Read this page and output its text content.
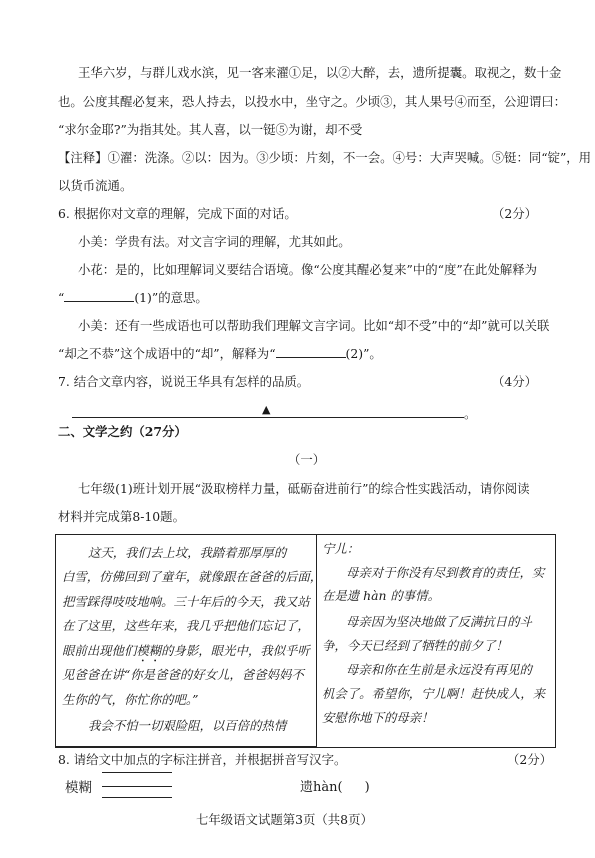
王华六岁，与群儿戏水滨，见一客来濯①足，以②大醉，去，遗所提囊。取视之，数十金
也。公度其醒必复来，恐人持去，以投水中，坐守之。少顷③，其人果号④而至，公迎谓曰：
“求尔金耶?”为指其处。其人喜，以一铤⑤为谢，却不受
【注释】①濯：洗涤。②以：因为。③少顷：片刻，不一会。④号：大声哭喊。⑤铤：同“锭”，用
以货币流通。
6. 根据你对文章的理解，完成下面的对话。	（2分）
小美：学贵有法。对文言字词的理解，尤其如此。
小花：是的，比如理解词义要结合语境。像“公度其醒必复来”中的“度”在此处解释为
“	(1)”的意思。
小美：还有一些成语也可以帮助我们理解文言字词。比如“却不受”中的“却”就可以关联
“却之不恭”这个成语中的“却”，解释为“	(2)”。
7. 结合文章内容，说说王华具有怎样的品质。	（4分）
▲	。
二、文学之约（27分）
（一）
七年级(1)班计划开展“汲取榜样力量，砥砺奋进前行”的综合性实践活动，请你阅读
材料并完成第8-10题。
这天，我们去上坟，我踏着那厚厚的
白雪，仿佛回到了童年，就像跟在爸爸的后面，
把雪踩得吱吱地响。三十年后的今天，我又站
在了这里，这些年来，我几乎把他们忘记了，
眼前出现他们模糊的身影，眼光中，我似乎听
见爸爸在讲“你是爸爸的好女儿，爸爸妈妈不
生你的气，你忙你的吧。”
我会不怕一切艰险阻，以百倍的热情
宁儿：
母亲对于你没有尽到教育的责任，实
在是遗 hàn 的事情。
母亲因为坚决地做了反满抗日的斗
争，今天已经到了牺牲的前夕了！
母亲和你在生前是永远没有再见的
机会了。希望你，宁儿啊！赶快成人，来
安慰你地下的母亲！
8. 请给文中加点的字标注拼音，并根据拼音写汉字。	（2分）
模糊	遗hàn( )
七年级语文试题第3页（共8页）
